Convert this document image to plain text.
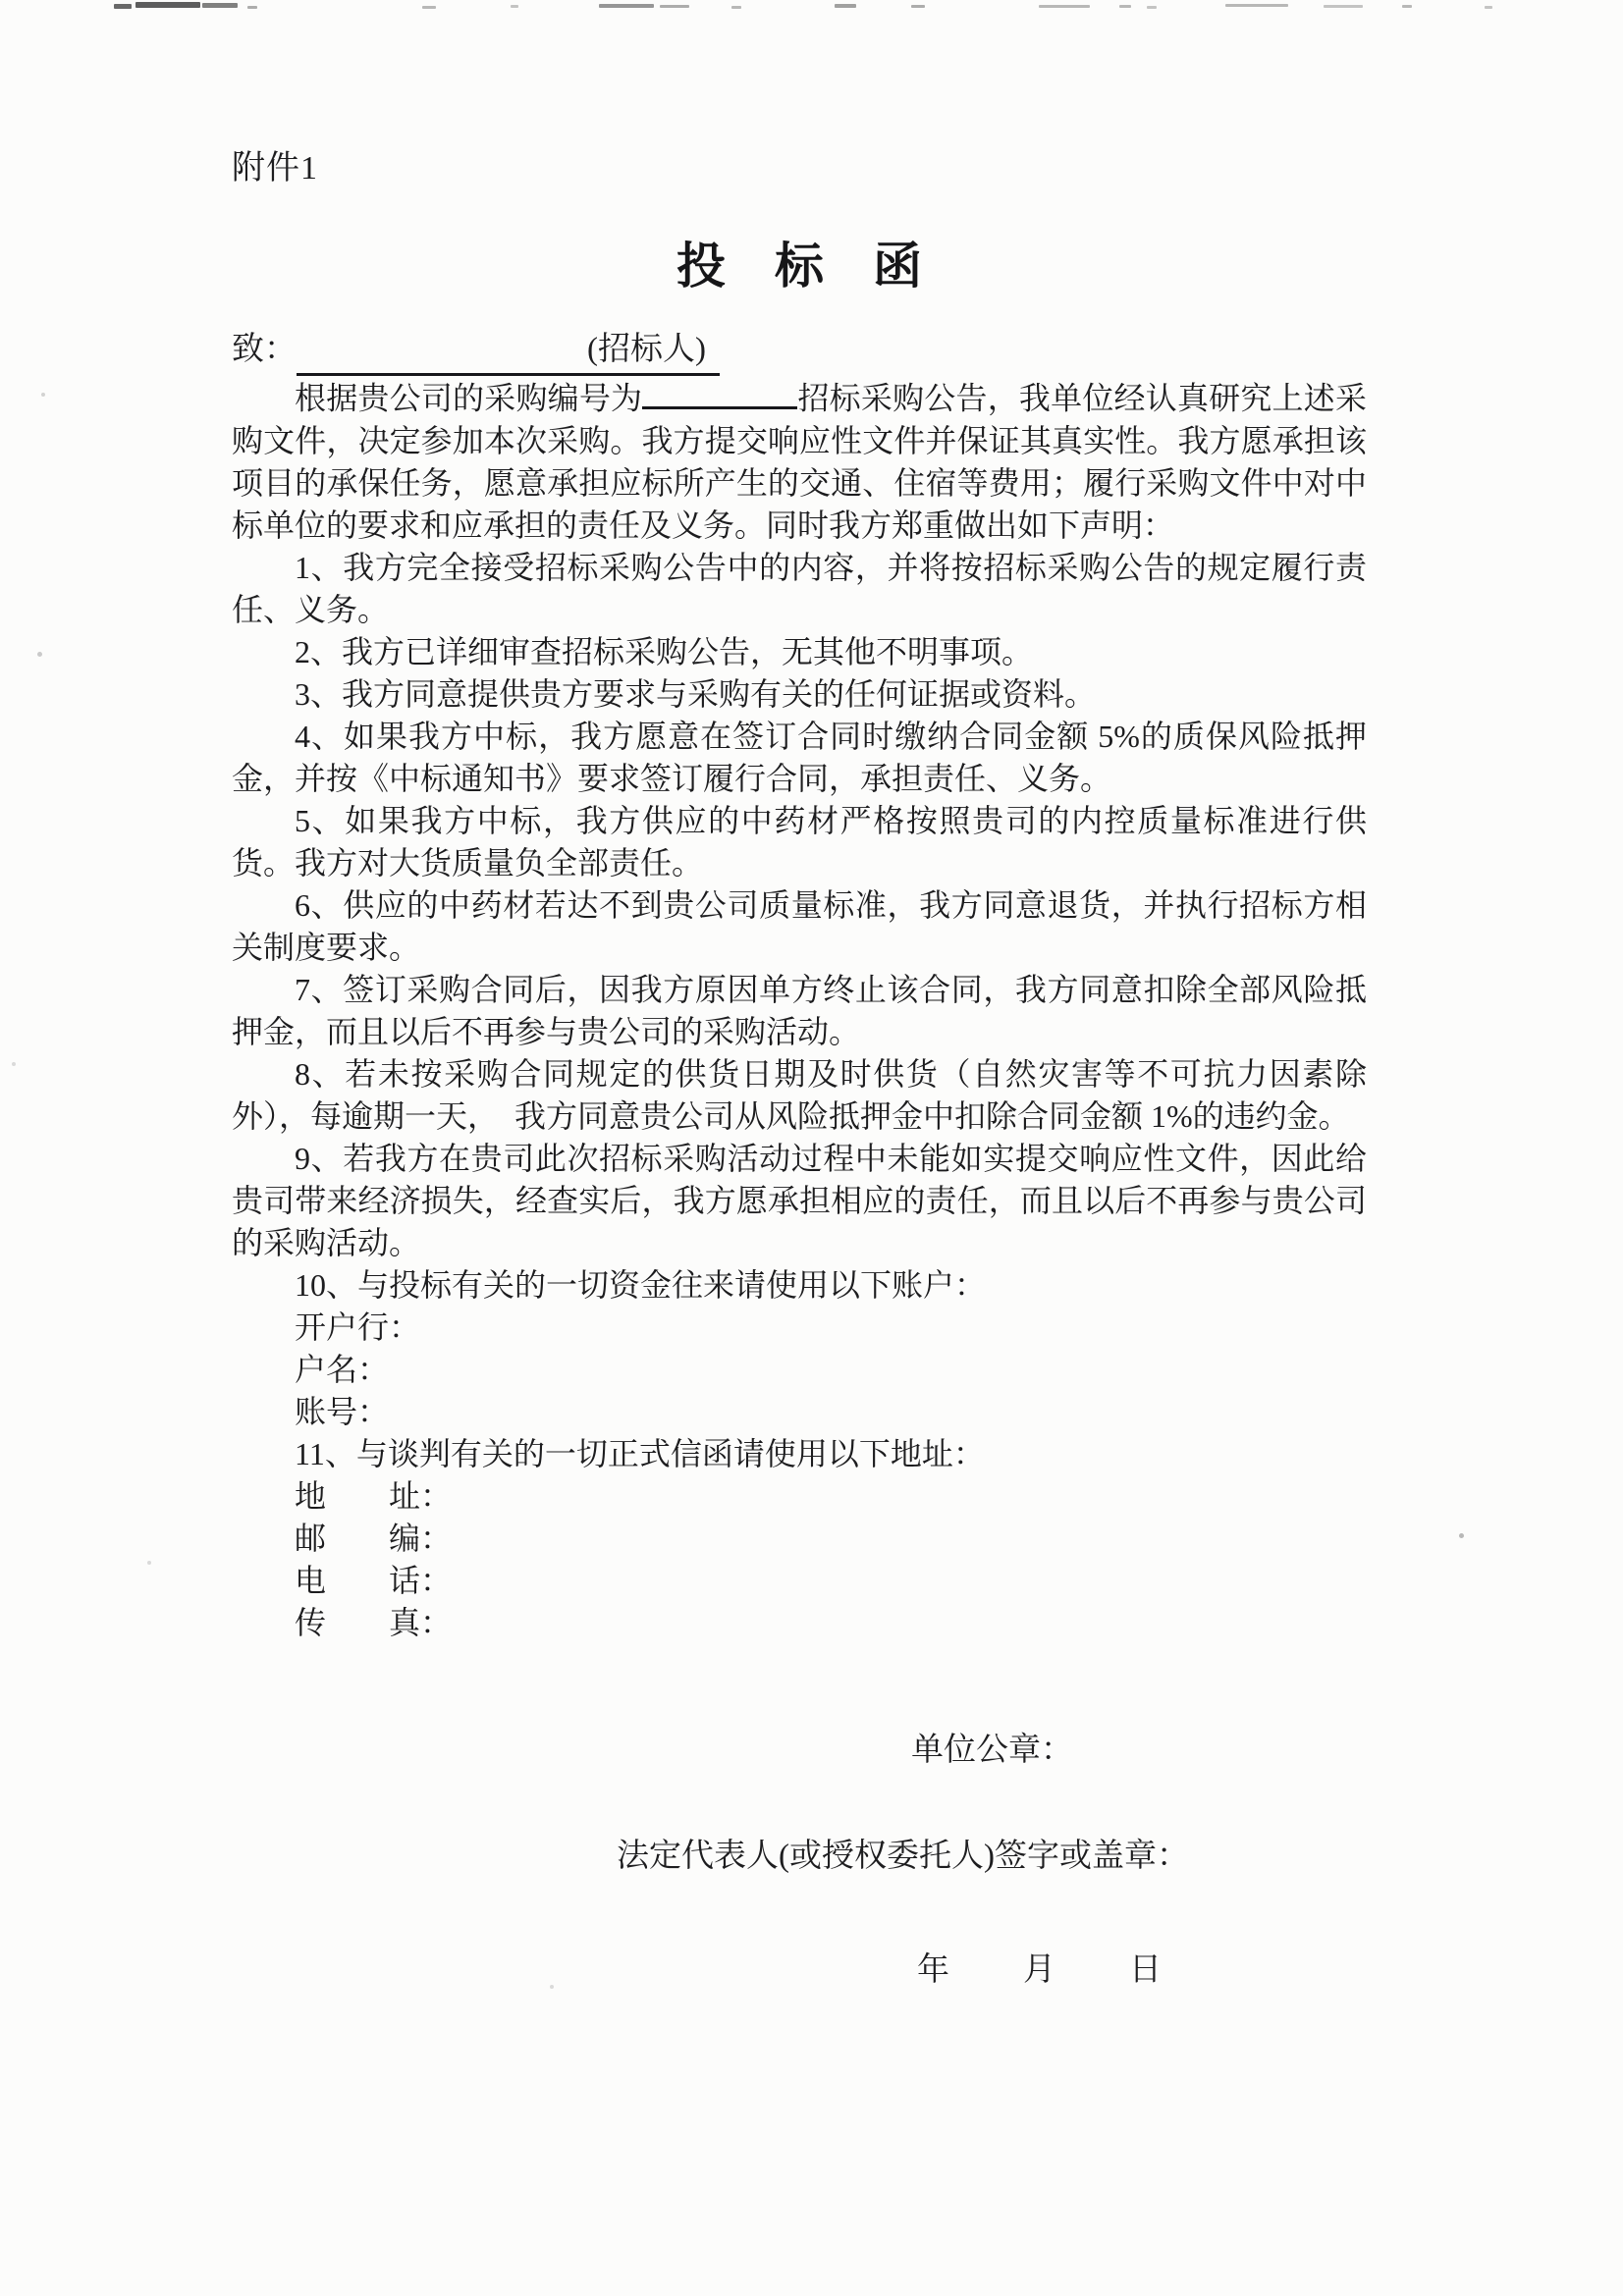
附件1
投　标　函
致：	(招标人)

根据贵公司的采购编号为	招标采购公告，我单位经认真研究上述采购文件，决定参加本次采购。我方提交响应性文件并保证其真实性。我方愿承担该项目的承保任务，愿意承担应标所产生的交通、住宿等费用；履行采购文件中对中标单位的要求和应承担的责任及义务。同时我方郑重做出如下声明：

1、我方完全接受招标采购公告中的内容，并将按招标采购公告的规定履行责任、义务。

2、我方已详细审查招标采购公告，无其他不明事项。

3、我方同意提供贵方要求与采购有关的任何证据或资料。

4、如果我方中标，我方愿意在签订合同时缴纳合同金额 5%的质保风险抵押金，并按《中标通知书》要求签订履行合同，承担责任、义务。

5、如果我方中标，我方供应的中药材严格按照贵司的内控质量标准进行供货。我方对大货质量负全部责任。

6、供应的中药材若达不到贵公司质量标准，我方同意退货，并执行招标方相关制度要求。

7、签订采购合同后，因我方原因单方终止该合同，我方同意扣除全部风险抵押金，而且以后不再参与贵公司的采购活动。

8、若未按采购合同规定的供货日期及时供货（自然灾害等不可抗力因素除外），每逾期一天，　我方同意贵公司从风险抵押金中扣除合同金额 1%的违约金。

9、若我方在贵司此次招标采购活动过程中未能如实提交响应性文件，因此给贵司带来经济损失，经查实后，我方愿承担相应的责任，而且以后不再参与贵公司的采购活动。

10、与投标有关的一切资金往来请使用以下账户：

开户行：

户名：

账号：

11、与谈判有关的一切正式信函请使用以下地址：

地　　址：

邮　　编：

电　　话：

传　　真：

单位公章：
法定代表人(或授权委托人)签字或盖章：
年　　月　　日
